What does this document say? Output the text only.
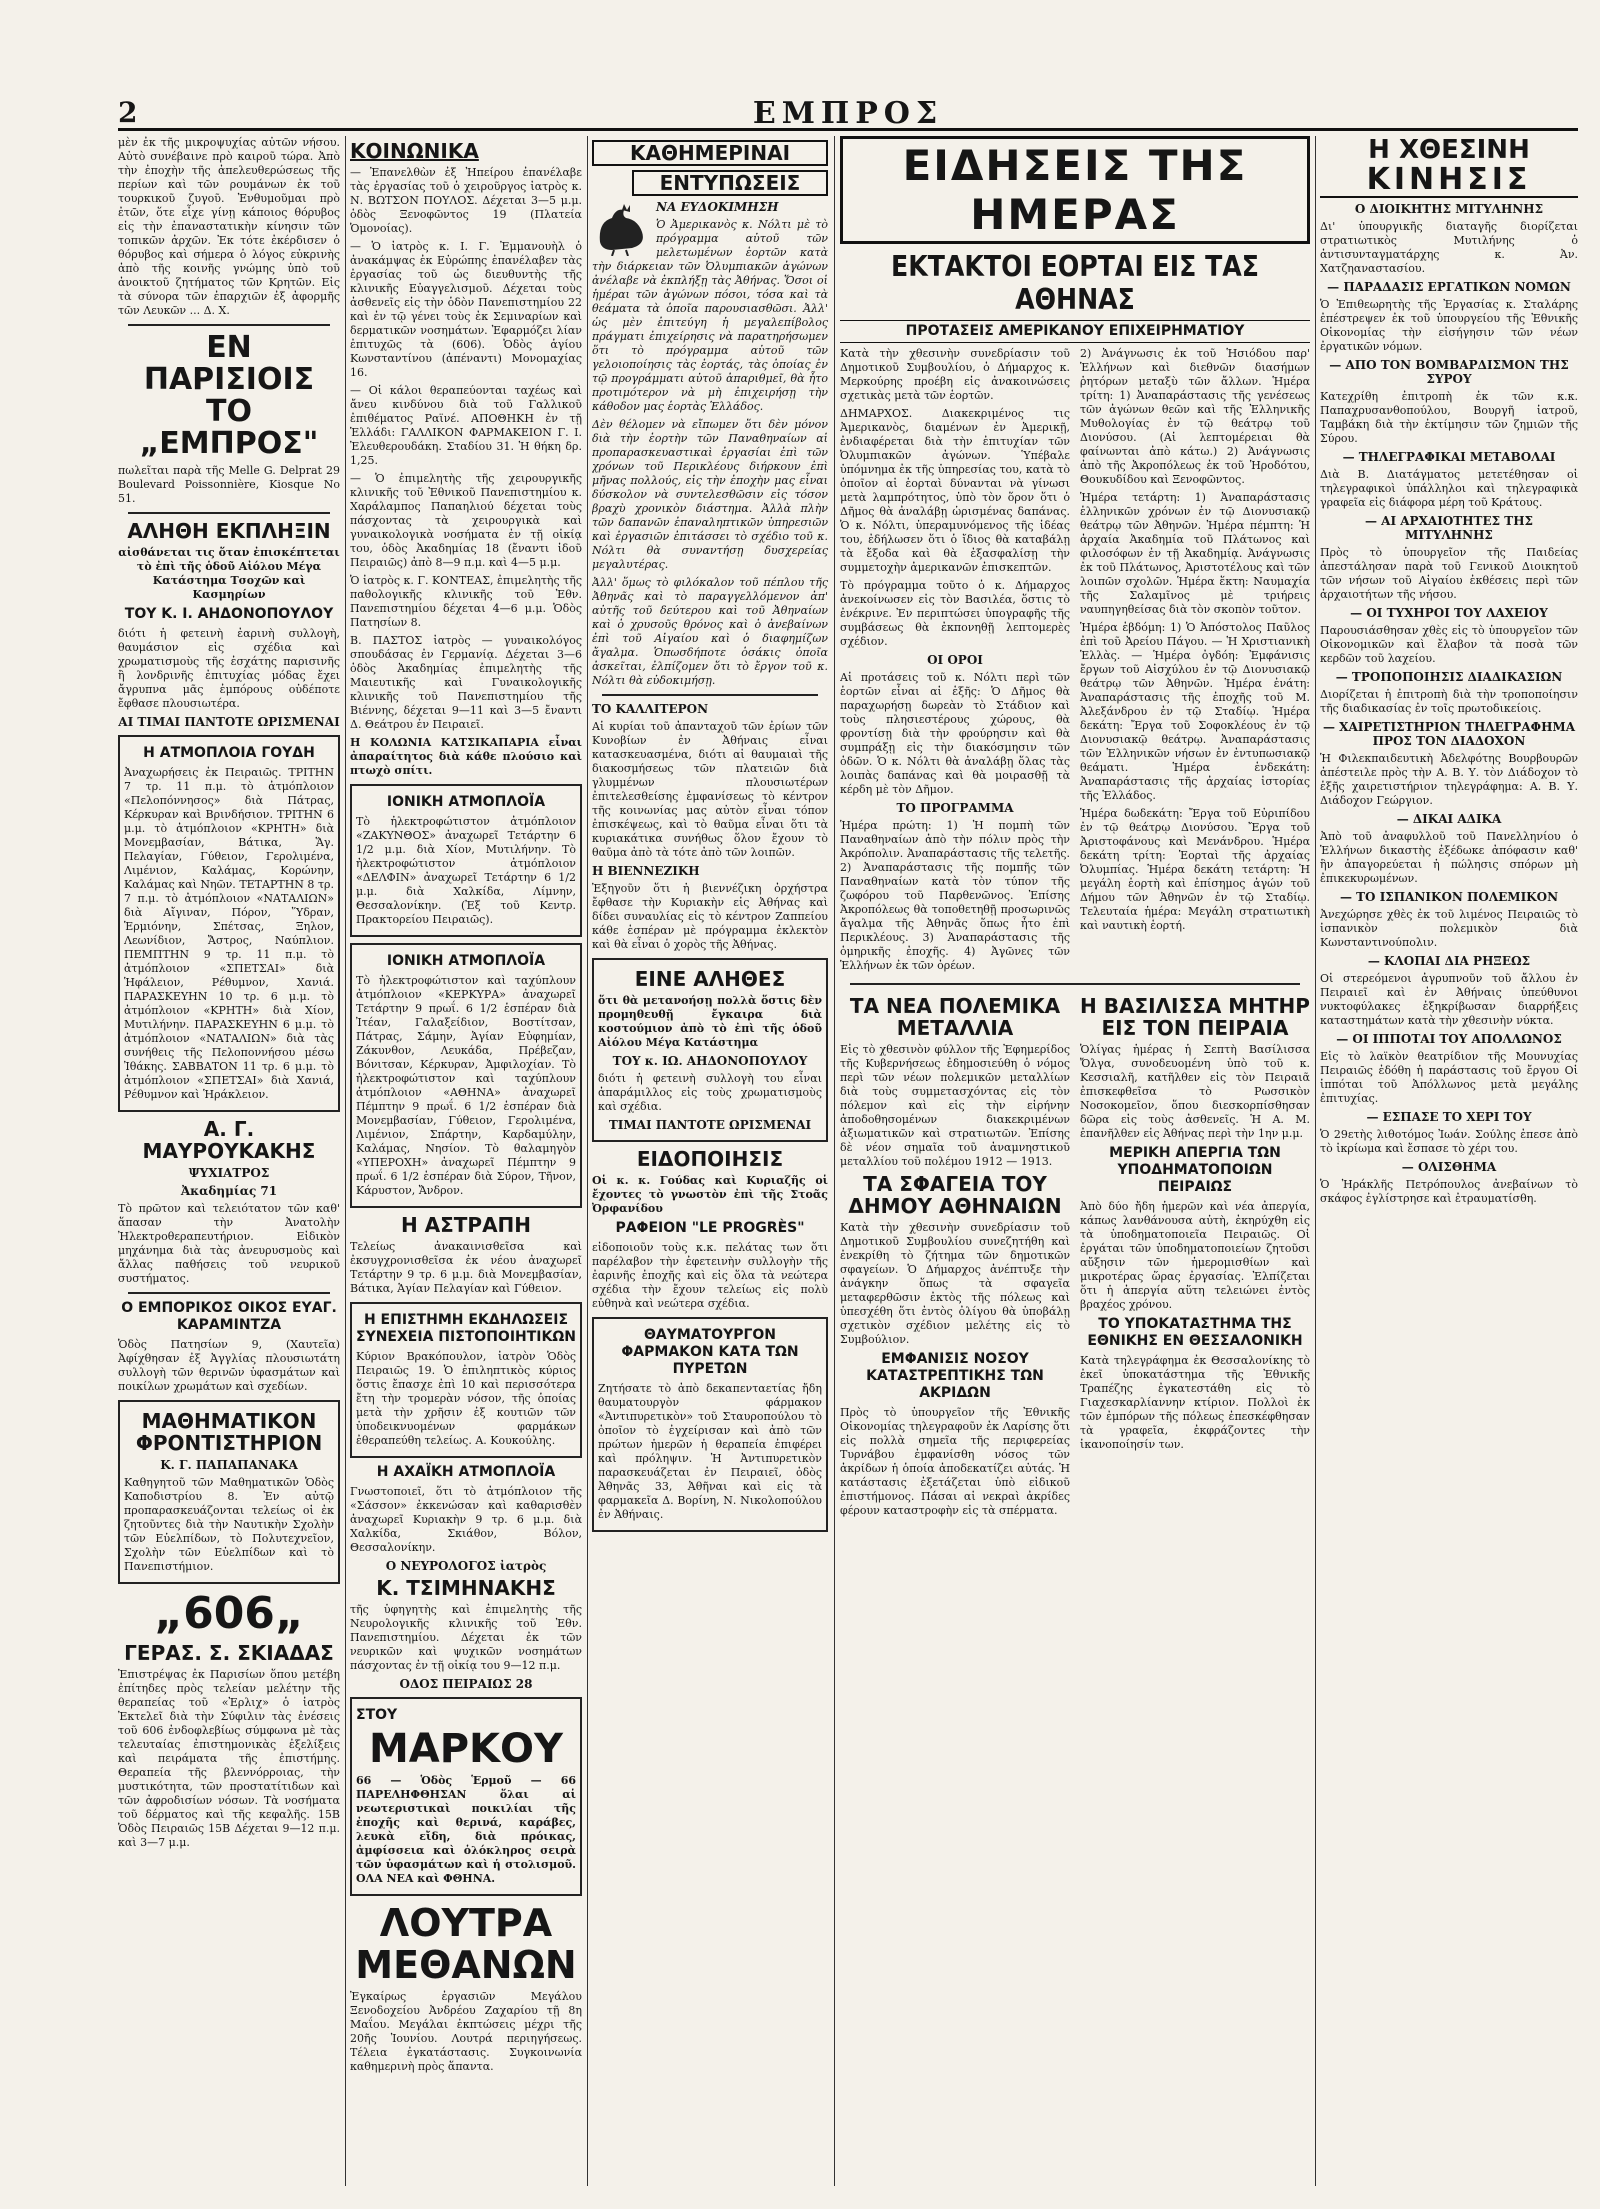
2	ΕΜΠΡΟΣ

μὲν ἐκ τῆς μικροψυχίας αὐτῶν νήσου. Αὐτὸ συνέβαινε πρὸ καιροῦ τώρα. Ἀπὸ τὴν ἐποχὴν τῆς ἀπελευθερώσεως τῆς περίων καὶ τῶν ρουμάνων ἐκ τοῦ τουρκικοῦ ζυγοῦ. Ἐνθυμοῦμαι πρὸ ἐτῶν, ὅτε εἶχε γίνῃ κάποιος θόρυβος εἰς τὴν ἐπαναστατικὴν κίνησιν τῶν τοπικῶν ἀρχῶν. Ἐκ τότε ἐκέρδισεν ὁ θόρυβος καὶ σήμερα ὁ λόγος εὐκρινὴς ἀπὸ τῆς κοινῆς γνώμης ὑπὸ τοῦ ἀνοικτοῦ ζητήματος τῶν Κρητῶν. Εἰς τὰ σύνορα τῶν ἐπαρχιῶν ἐξ ἀφορμῆς τῶν Λευκῶν ... Δ. Χ.

ΕΝ ΠΑΡΙΣΙΟΙΣ ΤΟ „ΕΜΠΡΟΣ"

πωλεῖται παρὰ τῆς Melle G. Delprat 29 Boulevard Poissonnière, Kiosque No 51.

ΑΛΗΘΗ ΕΚΠΛΗΞΙΝ

αἰσθάνεται τις ὅταν ἐπισκέπτεται τὸ ἐπὶ τῆς ὁδοῦ Αἰόλου Μέγα Κατάστημα Τσοχῶν καὶ Κασμηρίων

ΤΟΥ Κ. Ι. ΑΗΔΟΝΟΠΟΥΛΟΥ

διότι ἡ φετεινὴ ἐαρινὴ συλλογὴ, θαυμάσιον εἰς σχέδια καὶ χρωματισμοὺς τῆς ἐσχάτης παρισινῆς ἢ λονδρινῆς ἐπιτυχίας μόδας ἔχει ἄγρυπνα μᾶς ἐμπόρους οὐδέποτε ἔφθασε πλουσιωτέρα.

ΑΙ ΤΙΜΑΙ ΠΑΝΤΟΤΕ ΩΡΙΣΜΕΝΑΙ

Η ΑΤΜΟΠΛΟΙΑ ΓΟΥΔΗ

Ἀναχωρήσεις ἐκ Πειραιῶς. ΤΡΙΤΗΝ 7 τρ. 11 π.μ. τὸ ἀτμόπλοιον «Πελοπόννησος» διὰ Πάτρας, Κέρκυραν καὶ Βρινδήσιον. ΤΡΙΤΗΝ 6 μ.μ. τὸ ἀτμόπλοιον «ΚΡΗΤΗ» διὰ Μονεμβασίαν, Βάτικα, Ἅγ. Πελαγίαν, Γύθειον, Γερολιμένα, Λιμένιον, Καλάμας, Κορώνην, Καλάμας καὶ Νηῶν. ΤΕΤΑΡΤΗΝ 8 τρ. 7 π.μ. τὸ ἀτμόπλοιον «ΝΑΤΑΛΙΩΝ» διὰ Αἴγιναν, Πόρον, Ὕδραν, Ἑρμιόνην, Σπέτσας, Ξηλον, Λεωνίδιον, Ἄστρος, Ναύπλιον. ΠΕΜΠΤΗΝ 9 τρ. 11 π.μ. τὸ ἀτμόπλοιον «ΣΠΕΤΣΑΙ» διὰ Ἡφάλειον, Ρέθυμνον, Χανιά. ΠΑΡΑΣΚΕΥΗΝ 10 τρ. 6 μ.μ. τὸ ἀτμόπλοιον «ΚΡΗΤΗ» διὰ Χίον, Μυτιλήνην. ΠΑΡΑΣΚΕΥΗΝ 6 μ.μ. τὸ ἀτμόπλοιον «ΝΑΤΑΛΙΩΝ» διὰ τὰς συνήθεις τῆς Πελοποννήσου μέσω Ἰθάκης. ΣΑΒΒΑΤΟΝ 11 τρ. 6 μ.μ. τὸ ἀτμόπλοιον «ΣΠΕΤΣΑΙ» διὰ Χανιά, Ρέθυμνον καὶ Ἡράκλειον.

Α. Γ. ΜΑΥΡΟΥΚΑΚΗΣ

ΨΥΧΙΑΤΡΟΣ

Ἀκαδημίας 71

Τὸ πρῶτον καὶ τελειότατον τῶν καθ' ἅπασαν τὴν Ἀνατολὴν Ἠλεκτροθεραπευτήριον. Εἰδικὸν μηχάνημα διὰ τὰς ἀνευρυσμοὺς καὶ ἄλλας παθήσεις τοῦ νευρικοῦ συστήματος.

Ο ΕΜΠΟΡΙΚΟΣ ΟΙΚΟΣ ΕΥΑΓ. ΚΑΡΑΜΙΝΤΖΑ

Ὁδὸς Πατησίων 9, (Χαυτεῖα) Ἀφίχθησαν ἐξ Ἀγγλίας πλουσιωτάτη συλλογὴ τῶν θερινῶν ὑφασμάτων καὶ ποικίλων χρωμάτων καὶ σχεδίων.

ΜΑΘΗΜΑΤΙΚΟΝ ΦΡΟΝΤΙΣΤΗΡΙΟΝ

Κ. Γ. ΠΑΠΑΠΑΝΑΚΑ

Καθηγητοῦ τῶν Μαθηματικῶν Ὁδὸς Καποδιστρίου 8. Ἐν αὐτῷ προπαρασκευάζονται τελείως οἱ ἐκ ζητοῦντες διὰ τὴν Ναυτικὴν Σχολὴν τῶν Εὐελπίδων, τὸ Πολυτεχνεῖον, Σχολὴν τῶν Εὐελπίδων καὶ τὸ Πανεπιστήμιον.

„606„
ΓΕΡΑΣ. Σ. ΣΚΙΑΔΑΣ

Ἐπιστρέψας ἐκ Παρισίων ὅπου μετέβη ἐπίτηδες πρὸς τελείαν μελέτην τῆς θεραπείας τοῦ «Ἐρλιχ» ὁ ἰατρὸς Ἐκτελεῖ διὰ τὴν Σύφιλιν τὰς ἐνέσεις τοῦ 606 ἐνδοφλεβίως σύμφωνα μὲ τὰς τελευταίας ἐπιστημονικὰς ἐξελίξεις καὶ πειράματα τῆς ἐπιστήμης. Θεραπεία τῆς βλεννόρροιας, τὴν μυστικότητα, τῶν προστατίτιδων καὶ τῶν ἀφροδισίων νόσων. Τὰ νοσήματα τοῦ δέρματος καὶ τῆς κεφαλῆς. 15Β Ὁδὸς Πειραιῶς 15Β Δέχεται 9—12 π.μ. καὶ 3—7 μ.μ.

ΚΟΙΝΩΝΙΚΑ

— Ἐπανελθὼν ἐξ Ἠπείρου ἐπανέλαβε τὰς ἐργασίας τοῦ ὁ χειροῦργος ἰατρὸς κ. Ν. ΒΩΤΣΟΝ ΠΟΥΛΟΣ. Δέχεται 3—5 μ.μ. ὁδὸς Ξενοφῶντος 19 (Πλατεία Ὁμονοίας).

— Ὁ ἰατρὸς κ. Ι. Γ. Ἐμμανουὴλ ὁ ἀνακάμψας ἐκ Εὐρώπης ἐπανέλαβεν τὰς ἐργασίας τοῦ ὡς διευθυντὴς τῆς κλινικῆς Εὐαγγελισμοῦ. Δέχεται τοὺς ἀσθενεῖς εἰς τὴν ὁδὸν Πανεπιστημίου 22 καὶ ἐν τῷ γένει τοὺς ἐκ Σεμιναρίων καὶ δερματικῶν νοσημάτων. Ἐφαρμόζει λίαν ἐπιτυχῶς τὰ (606). Ὁδὸς ἁγίου Κωνσταντίνου (ἀπέναντι) Μονομαχίας 16.

— Οἱ κάλοι θεραπεύονται ταχέως καὶ ἄνευ κινδύνου διὰ τοῦ Γαλλικοῦ ἐπιθέματος Ραϊνέ. ΑΠΟΘΗΚΗ ἐν τῇ Ἑλλάδι: ΓΑΛΛΙΚΟΝ ΦΑΡΜΑΚΕΙΟΝ Γ. Ι. Ἐλευθερουδάκη. Σταδίου 31. Ἡ θήκη δρ. 1,25.

— Ὁ ἐπιμελητὴς τῆς χειρουργικῆς κλινικῆς τοῦ Ἐθνικοῦ Πανεπιστημίου κ. Χαράλαμπος Παπαηλιού δέχεται τοὺς πάσχοντας τὰ χειρουργικὰ καὶ γυναικολογικὰ νοσήματα ἐν τῇ οἰκίᾳ του, ὁδὸς Ἀκαδημίας 18 (ἔναντι ἰδοῦ Πειραιῶς) ἀπὸ 8—9 π.μ. καὶ 4—5 μ.μ.

Ὁ ἰατρὸς κ. Γ. ΚΟΝΤΕΑΣ, ἐπιμελητὴς τῆς παθολογικῆς κλινικῆς τοῦ Ἐθν. Πανεπιστημίου δέχεται 4—6 μ.μ. Ὁδὸς Πατησίων 8.

Β. ΠΑΣΤΟΣ ἰατρὸς — γυναικολόγος σπουδάσας ἐν Γερμανίᾳ. Δέχεται 3—6 ὁδὸς Ἀκαδημίας ἐπιμελητὴς τῆς Μαιευτικῆς καὶ Γυναικολογικῆς κλινικῆς τοῦ Πανεπιστημίου τῆς Βιέννης, δέχεται 9—11 καὶ 3—5 ἔναντι Δ. Θεάτρου ἐν Πειραιεῖ.

Η ΚΟΛΩΝΙΑ ΚΑΤΣΙΚΑΠΑΡΙΑ εἶναι ἀπαραίτητος διὰ κάθε πλούσιο καὶ πτωχὸ σπίτι.

ΙΟΝΙΚΗ ΑΤΜΟΠΛΟΪΑ

Τὸ ἠλεκτροφώτιστον ἀτμόπλοιον «ΖΑΚΥΝΘΟΣ» ἀναχωρεῖ Τετάρτην 6 1/2 μ.μ. διὰ Χίον, Μυτιλήνην. Τὸ ἠλεκτροφώτιστον ἀτμόπλοιον «ΔΕΛΦΙΝ» ἀναχωρεῖ Τετάρτην 6 1/2 μ.μ. διὰ Χαλκίδα, Λίμνην, Θεσσαλονίκην. (Ἐξ τοῦ Κεντρ. Πρακτορείου Πειραιῶς).

ΙΟΝΙΚΗ ΑΤΜΟΠΛΟΪΑ

Τὸ ἠλεκτροφώτιστον καὶ ταχύπλουν ἀτμόπλοιον «ΚΕΡΚΥΡΑ» ἀναχωρεῖ Τετάρτην 9 πρωΐ. 6 1/2 ἑσπέραν διὰ Ἰτέαν, Γαλαξείδιον, Βοστίτσαν, Πάτρας, Σάμην, Ἀγίαν Εὐφημίαν, Ζάκυνθον, Λευκάδα, Πρέβεζαν, Βόνιτσαν, Κέρκυραν, Ἀμφιλοχίαν. Τὸ ἠλεκτροφώτιστον καὶ ταχύπλουν ἀτμόπλοιον «ΑΘΗΝΑ» ἀναχωρεῖ Πέμπτην 9 πρωΐ. 6 1/2 ἑσπέραν διὰ Μονεμβασίαν, Γύθειον, Γερολιμένα, Λιμένιον, Σπάρτην, Καρδαμύλην, Καλάμας, Νησίον. Τὸ θαλαμηγὸν «ΥΠΕΡΟΧΗ» ἀναχωρεῖ Πέμπτην 9 πρωΐ. 6 1/2 ἑσπέραν διὰ Σύρον, Τῆνον, Κάρυστον, Ἄνδρον.

Η ΑΣΤΡΑΠΗ

Τελείως ἀνακαινισθεῖσα καὶ ἐκσυγχρονισθεῖσα ἐκ νέου ἀναχωρεῖ Τετάρτην 9 τρ. 6 μ.μ. διὰ Μονεμβασίαν, Βάτικα, Ἁγίαν Πελαγίαν καὶ Γύθειον.

Η ΕΠΙΣΤΗΜΗ ΕΚΔΗΛΩΣΕΙΣ ΣΥΝΕΧΕΙΑ ΠΙΣΤΟΠΟΙΗΤΙΚΩΝ

Κύριον Βρακόπουλον, ἰατρὸν Ὁδὸς Πειραιῶς 19. Ὁ ἐπιληπτικὸς κύριος ὅστις ἔπασχε ἐπὶ 10 καὶ περισσότερα ἔτη τὴν τρομερὰν νόσον, τῆς ὁποίας μετὰ τὴν χρῆσιν ἐξ κουτιῶν τῶν ὑποδεικνυομένων φαρμάκων ἐθεραπεύθη τελείως. Α. Κουκούλης.

Η ΑΧΑΪΚΗ ΑΤΜΟΠΛΟΪΑ

Γνωστοποιεῖ, ὅτι τὸ ἀτμόπλοιον τῆς «Σάσσον» ἐκκενώσαν καὶ καθαρισθὲν ἀναχωρεῖ Κυριακὴν 9 τρ. 6 μ.μ. διὰ Χαλκίδα, Σκιάθον, Βόλον, Θεσσαλονίκην.

Ο ΝΕΥΡΟΛΟΓΟΣ ἰατρὸς

Κ. ΤΣΙΜΗΝΑΚΗΣ

τῆς ὑφηγητὴς καὶ ἐπιμελητὴς τῆς Νευρολογικῆς κλινικῆς τοῦ Ἐθν. Πανεπιστημίου. Δέχεται ἐκ τῶν νευρικῶν καὶ ψυχικῶν νοσημάτων πάσχοντας ἐν τῇ οἰκίᾳ του 9—12 π.μ.

ΟΔΟΣ ΠΕΙΡΑΙΩΣ 28

ΣΤΟΥ
ΜΑΡΚΟΥ

66 — Ὁδὸς Ἑρμοῦ — 66 ΠΑΡΕΛΗΦΘΗΣΑΝ ὅλαι αἱ νεωτεριστικαὶ ποικιλίαι τῆς ἐποχῆς καὶ θερινά, καράβες, λευκὰ εἴδη, διὰ πρόικας, ἀμφίσσεια καὶ ὁλόκληρος σειρὰ τῶν ὑφασμάτων καὶ ἡ στολισμοῦ. ΟΛΑ ΝΕΑ καὶ ΦΘΗΝΑ.

ΛΟΥΤΡΑ ΜΕΘΑΝΩΝ

Ἐγκαίρως ἐργασιῶν Μεγάλου Ξενοδοχείου Ἀνδρέου Ζαχαρίου τῇ 8η Μαΐου. Μεγάλαι ἐκπτώσεις μέχρι τῆς 20ῆς Ἰουνίου. Λουτρά περιηγήσεως. Τέλεια ἐγκατάστασις. Συγκοινωνία καθημερινὴ πρὸς ἅπαντα.

ΚΑΘΗΜΕΡΙΝΑΙ
ΕΝΤΥΠΩΣΕΙΣ

ΝΑ ΕΥΔΟΚΙΜΗΣΗ

Ὁ Ἀμερικανὸς κ. Νόλτι μὲ τὸ πρόγραμμα αὐτοῦ τῶν μελετωμένων ἑορτῶν κατὰ τὴν διάρκειαν τῶν Ὀλυμπιακῶν ἀγώνων ἀνέλαβε νὰ ἐκπλήξῃ τὰς Ἀθήνας. Ὅσοι οἱ ἡμέραι τῶν ἀγώνων πόσοι, τόσα καὶ τὰ θεάματα τὰ ὁποῖα παρουσιασθῶσι. Ἀλλ' ὡς μὲν ἐπιτεύγη ἡ μεγαλεπίβολος πράγματι ἐπιχείρησις νὰ παρατηρήσωμεν ὅτι τὸ πρόγραμμα αὐτοῦ τῶν γελοιοποίησις τὰς ἑορτάς, τὰς ὁποίας ἐν τῷ προγράμματι αὐτοῦ ἀπαριθμεῖ, θὰ ἦτο προτιμότερον νὰ μὴ ἐπιχειρήσῃ τὴν κάθοδον μας ἑορτὰς Ἑλλάδος.

Δὲν θέλομεν νὰ εἴπωμεν ὅτι δὲν μόνον διὰ τὴν ἑορτὴν τῶν Παναθηναίων αἱ προπαρασκευαστικαὶ ἐργασίαι ἐπὶ τῶν χρόνων τοῦ Περικλέους διήρκουν ἐπὶ μῆνας πολλούς, εἰς τὴν ἐποχὴν μας εἶναι δύσκολον νὰ συντελεσθῶσιν εἰς τόσον βραχὺ χρονικὸν διάστημα. Ἀλλὰ πλὴν τῶν δαπανῶν ἐπαναληπτικῶν ὑπηρεσιῶν καὶ ἐργασιῶν ἐπιτάσσει τὸ σχέδιο τοῦ κ. Νόλτι θὰ συναντήσῃ δυσχερείας μεγαλυτέρας.

Ἀλλ' ὅμως τὸ φιλόκαλον τοῦ πέπλου τῆς Ἀθηνᾶς καὶ τὸ παραγγελλόμενον ἀπ' αὐτῆς τοῦ δεύτερου καὶ τοῦ Ἀθηναίων καὶ ὁ χρυσοῦς θρόνος καὶ ὁ ἀνεβαίνων ἐπὶ τοῦ Αἰγαίου καὶ ὁ διαφημίζων ἄγαλμα. Ὁπωσδήποτε ὁσάκις ὁποῖα ἀσκεῖται, ἐλπίζομεν ὅτι τὸ ἔργον τοῦ κ. Νόλτι θὰ εὐδοκιμήσῃ.

ΤΟ ΚΑΛΛΙΤΕΡΟΝ

Αἱ κυρίαι τοῦ ἀπανταχοῦ τῶν ἐρίων τῶν Κυνοβίων ἐν Ἀθήναις εἶναι κατασκευασμένα, διότι αἱ θαυμαιαὶ τῆς διακοσμήσεως τῶν πλατειῶν διὰ γλυμμένων πλουσιωτέρων ἐπιτελεσθείσης ἐμφανίσεως τὸ κέντρον τῆς κοινωνίας μας αὐτὸν εἶναι τόπον ἐπισκέψεως, καὶ τὸ θαῦμα εἶναι ὅτι τὰ κυριακάτικα συνήθως ὅλον ἔχουν τὸ θαῦμα ἀπὸ τὰ τότε ἀπὸ τῶν λοιπῶν.

Η ΒΙΕΝΝΕΖΙΚΗ

Ἐξηγοῦν ὅτι ἡ βιεννέζικη ὀρχήστρα ἔφθασε τὴν Κυριακὴν εἰς Ἀθήνας καὶ δίδει συναυλίας εἰς τὸ κέντρον Ζαππείου κάθε ἑσπέραν μὲ πρόγραμμα ἐκλεκτὸν καὶ θὰ εἶναι ὁ χορὸς τῆς Ἀθήνας.

ΕΙΝΕ ΑΛΗΘΕΣ

ὅτι θὰ μετανοήσῃ πολλὰ ὅστις δὲν προμηθευθῇ ἔγκαιρα διὰ κοστούμιον ἀπὸ τὸ ἐπὶ τῆς ὁδοῦ Αἰόλου Μέγα Κατάστημα

ΤΟΥ κ. ΙΩ. ΑΗΔΟΝΟΠΟΥΛΟΥ

διότι ἡ φετεινὴ συλλογὴ του εἶναι ἀπαράμιλλος εἰς τοὺς χρωματισμοὺς καὶ σχέδια.

ΤΙΜΑΙ ΠΑΝΤΟΤΕ ΩΡΙΣΜΕΝΑΙ

ΕΙΔΟΠΟΙΗΣΙΣ

Οἱ κ. κ. Γούδας καὶ Κυριαζῆς οἱ ἔχοντες τὸ γνωστὸν ἐπὶ τῆς Στοᾶς Ὀρφανίδου

ΡΑΦΕΙΟΝ "LE PROGRÈS"

εἰδοποιοῦν τοὺς κ.κ. πελάτας των ὅτι παρέλαβον τὴν ἐφετεινὴν συλλογὴν τῆς ἐαρινῆς ἐποχῆς καὶ εἰς ὅλα τὰ νεώτερα σχέδια τὴν ἔχουν τελείως εἰς πολὺ εὐθηνὰ καὶ νεώτερα σχέδια.

ΘΑΥΜΑΤΟΥΡΓΟΝ ΦΑΡΜΑΚΟΝ ΚΑΤΑ ΤΩΝ ΠΥΡΕΤΩΝ

Ζητήσατε τὸ ἀπὸ δεκαπενταετίας ἤδη θαυματουργὸν φάρμακον «Ἀντιπυρετικὸν» τοῦ Σταυροπούλου τὸ ὁποῖον τὸ ἐγχείρισαν καὶ ἀπὸ τῶν πρώτων ἡμερῶν ἡ θεραπεία ἐπιφέρει καὶ πρόληψιν. Ἡ Ἀντιπυρετικὸν παρασκευάζεται ἐν Πειραιεῖ, ὁδὸς Ἀθηνᾶς 33, Ἀθῆναι καὶ εἰς τὰ φαρμακεῖα Δ. Βορίνη, Ν. Νικολοπούλου ἐν Ἀθήναις.

ΕΙΔΗΣΕΙΣ ΤΗΣ ΗΜΕΡΑΣ
ΕΚΤΑΚΤΟΙ ΕΟΡΤΑΙ ΕΙΣ ΤΑΣ ΑΘΗΝΑΣ
ΠΡΟΤΑΣΕΙΣ ΑΜΕΡΙΚΑΝΟΥ ΕΠΙΧΕΙΡΗΜΑΤΙΟΥ

Κατὰ τὴν χθεσινὴν συνεδρίασιν τοῦ Δημοτικοῦ Συμβουλίου, ὁ Δήμαρχος κ. Μερκούρης προέβη εἰς ἀνακοινώσεις σχετικὰς μετὰ τῶν ἑορτῶν.

ΔΗΜΑΡΧΟΣ. Διακεκριμένος τις Ἀμερικανὸς, διαμένων ἐν Ἀμερικῇ, ἐνδιαφέρεται διὰ τὴν ἐπιτυχίαν τῶν Ὀλυμπιακῶν ἀγώνων. Ὑπέβαλε ὑπόμνημα ἐκ τῆς ὑπηρεσίας του, κατὰ τὸ ὁποῖον αἱ ἑορταὶ δύνανται νὰ γίνωσι μετὰ λαμπρότητος, ὑπὸ τὸν ὅρον ὅτι ὁ Δῆμος θὰ ἀναλάβῃ ὡρισμένας δαπάνας. Ὁ κ. Νόλτι, ὑπεραμυνόμενος τῆς ἰδέας του, ἐδήλωσεν ὅτι ὁ ἴδιος θὰ καταβάλῃ τὰ ἔξοδα καὶ θὰ ἐξασφαλίσῃ τὴν συμμετοχὴν ἀμερικανῶν ἐπισκεπτῶν.

Τὸ πρόγραμμα τοῦτο ὁ κ. Δήμαρχος ἀνεκοίνωσεν εἰς τὸν Βασιλέα, ὅστις τὸ ἐνέκρινε. Ἐν περιπτώσει ὑπογραφῆς τῆς συμβάσεως θὰ ἐκπονηθῇ λεπτομερὲς σχέδιον.

ΟΙ ΟΡΟΙ

Αἱ προτάσεις τοῦ κ. Νόλτι περὶ τῶν ἑορτῶν εἶναι αἱ ἑξῆς: Ὁ Δῆμος θὰ παραχωρήσῃ δωρεὰν τὸ Στάδιον καὶ τοὺς πλησιεστέρους χώρους, θὰ φροντίσῃ διὰ τὴν φρούρησιν καὶ θὰ συμπράξῃ εἰς τὴν διακόσμησιν τῶν ὁδῶν. Ὁ κ. Νόλτι θὰ ἀναλάβῃ ὅλας τὰς λοιπὰς δαπάνας καὶ θὰ μοιρασθῇ τὰ κέρδη μὲ τὸν Δῆμον.

ΤΟ ΠΡΟΓΡΑΜΜΑ

Ἡμέρα πρώτη: 1) Ἡ πομπὴ τῶν Παναθηναίων ἀπὸ τὴν πόλιν πρὸς τὴν Ἀκρόπολιν. Ἀναπαράστασις τῆς τελετῆς. 2) Ἀναπαράστασις τῆς πομπῆς τῶν Παναθηναίων κατὰ τὸν τύπον τῆς ζωφόρου τοῦ Παρθενῶνος. Ἐπίσης Ἀκροπόλεως θὰ τοποθετηθῇ προσωρινῶς ἄγαλμα τῆς Ἀθηνᾶς ὅπως ἦτο ἐπὶ Περικλέους. 3) Ἀναπαράστασις τῆς ὁμηρικῆς ἐποχῆς. 4) Ἀγῶνες τῶν Ἑλλήνων ἐκ τῶν ὀρέων.

2) Ἀνάγνωσις ἐκ τοῦ Ἡσιόδου παρ' Ἑλλήνων καὶ διεθνῶν διασήμων ῥητόρων μεταξὺ τῶν ἄλλων. Ἡμέρα τρίτη: 1) Ἀναπαράστασις τῆς γενέσεως τῶν ἀγώνων θεῶν καὶ τῆς Ἑλληνικῆς Μυθολογίας ἐν τῷ θεάτρῳ τοῦ Διονύσου. (Αἱ λεπτομέρειαι θὰ φαίνωνται ἀπὸ κάτω.) 2) Ἀνάγνωσις ἀπὸ τῆς Ἀκροπόλεως ἐκ τοῦ Ἡροδότου, Θουκυδίδου καὶ Ξενοφῶντος.

Ἡμέρα τετάρτη: 1) Ἀναπαράστασις ἑλληνικῶν χρόνων ἐν τῷ Διονυσιακῷ θεάτρῳ τῶν Ἀθηνῶν. Ἡμέρα πέμπτη: Ἡ ἀρχαία Ἀκαδημία τοῦ Πλάτωνος καὶ φιλοσόφων ἐν τῇ Ἀκαδημίᾳ. Ἀνάγνωσις ἐκ τοῦ Πλάτωνος, Ἀριστοτέλους καὶ τῶν λοιπῶν σχολῶν. Ἡμέρα ἕκτη: Ναυμαχία τῆς Σαλαμῖνος μὲ τριήρεις ναυπηγηθείσας διὰ τὸν σκοπὸν τοῦτον.

Ἡμέρα ἑβδόμη: 1) Ὁ Ἀπόστολος Παῦλος ἐπὶ τοῦ Ἀρείου Πάγου. — Ἡ Χριστιανικὴ Ἑλλὰς. — Ἡμέρα ὀγδόη: Ἐμφάνισις ἔργων τοῦ Αἰσχύλου ἐν τῷ Διονυσιακῷ θεάτρῳ τῶν Ἀθηνῶν. Ἡμέρα ἐνάτη: Ἀναπαράστασις τῆς ἐποχῆς τοῦ Μ. Ἀλεξάνδρου ἐν τῷ Σταδίῳ. Ἡμέρα δεκάτη: Ἔργα τοῦ Σοφοκλέους ἐν τῷ Διονυσιακῷ θεάτρῳ. Ἀναπαράστασις τῶν Ἑλληνικῶν νήσων ἐν ἐντυπωσιακῷ θεάματι. Ἡμέρα ἑνδεκάτη: Ἀναπαράστασις τῆς ἀρχαίας ἱστορίας τῆς Ἑλλάδος.

Ἡμέρα δωδεκάτη: Ἔργα τοῦ Εὐριπίδου ἐν τῷ θεάτρῳ Διονύσου. Ἔργα τοῦ Ἀριστοφάνους καὶ Μενάνδρου. Ἡμέρα δεκάτη τρίτη: Ἑορταὶ τῆς ἀρχαίας Ὀλυμπίας. Ἡμέρα δεκάτη τετάρτη: Ἡ μεγάλη ἑορτὴ καὶ ἐπίσημος ἀγών τοῦ Δήμου τῶν Ἀθηνῶν ἐν τῷ Σταδίῳ. Τελευταία ἡμέρα: Μεγάλη στρατιωτικὴ καὶ ναυτικὴ ἑορτή.

ΤΑ ΝΕΑ ΠΟΛΕΜΙΚΑ ΜΕΤΑΛΛΙΑ

Εἰς τὸ χθεσινὸν φύλλον τῆς Ἐφημερίδος τῆς Κυβερνήσεως ἐδημοσιεύθη ὁ νόμος περὶ τῶν νέων πολεμικῶν μεταλλίων διὰ τοὺς συμμετασχόντας εἰς τὸν πόλεμον καὶ εἰς τὴν εἰρήνην ἀποδοθησομένων διακεκριμένων ἀξιωματικῶν καὶ στρατιωτῶν. Ἐπίσης δὲ νέον σημαῖα τοῦ ἀναμνηστικοῦ μεταλλίου τοῦ πολέμου 1912 — 1913.

ΤΑ ΣΦΑΓΕΙΑ ΤΟΥ ΔΗΜΟΥ ΑΘΗΝΑΙΩΝ

Κατὰ τὴν χθεσινὴν συνεδρίασιν τοῦ Δημοτικοῦ Συμβουλίου συνεζητήθη καὶ ἐνεκρίθη τὸ ζήτημα τῶν δημοτικῶν σφαγείων. Ὁ Δήμαρχος ἀνέπτυξε τὴν ἀνάγκην ὅπως τὰ σφαγεῖα μεταφερθῶσιν ἐκτὸς τῆς πόλεως καὶ ὑπεσχέθη ὅτι ἐντὸς ὀλίγου θὰ ὑποβάλῃ σχετικὸν σχέδιον μελέτης εἰς τὸ Συμβούλιον.

ΕΜΦΑΝΙΣΙΣ ΝΟΣΟΥ ΚΑΤΑΣΤΡΕΠΤΙΚΗΣ ΤΩΝ ΑΚΡΙΔΩΝ

Πρὸς τὸ ὑπουργεῖον τῆς Ἐθνικῆς Οἰκονομίας τηλεγραφοῦν ἐκ Λαρίσης ὅτι εἰς πολλὰ σημεῖα τῆς περιφερείας Τυρνάβου ἐμφανίσθη νόσος τῶν ἀκρίδων ἡ ὁποία ἀποδεκατίζει αὐτάς. Ἡ κατάστασις ἐξετάζεται ὑπὸ εἰδικοῦ ἐπιστήμονος. Πάσαι αἱ νεκραὶ ἀκρίδες φέρουν καταστροφὴν εἰς τὰ σπέρματα.

Η ΒΑΣΙΛΙΣΣΑ ΜΗΤΗΡ ΕΙΣ ΤΟΝ ΠΕΙΡΑΙΑ

Ὁλίγας ἡμέρας ἡ Σεπτὴ Βασίλισσα Ὄλγα, συνοδευομένη ὑπὸ τοῦ κ. Κεσσιαλῆ, κατῆλθεν εἰς τὸν Πειραιᾶ ἐπισκεφθεῖσα τὸ Ρωσσικὸν Νοσοκομεῖον, ὅπου διεσκορπίσθησαν δῶρα εἰς τοὺς ἀσθενεῖς. Ἡ Α. Μ. ἐπανῆλθεν εἰς Ἀθήνας περὶ τὴν 1ην μ.μ.

ΜΕΡΙΚΗ ΑΠΕΡΓΙΑ ΤΩΝ ΥΠΟΔΗΜΑΤΟΠΟΙΩΝ ΠΕΙΡΑΙΩΣ

Ἀπὸ δύο ἤδη ἡμερῶν καὶ νέα ἀπεργία, κάπως λανθάνουσα αὐτὴ, ἐκηρύχθη εἰς τὰ ὑποδηματοποιεῖα Πειραιῶς. Οἱ ἐργάται τῶν ὑποδηματοποιείων ζητοῦσι αὔξησιν τῶν ἡμερομισθίων καὶ μικροτέρας ὥρας ἐργασίας. Ἐλπίζεται ὅτι ἡ ἀπεργία αὕτη τελειώνει ἐντὸς βραχέος χρόνου.

ΤΟ ΥΠΟΚΑΤΑΣΤΗΜΑ ΤΗΣ ΕΘΝΙΚΗΣ ΕΝ ΘΕΣΣΑΛΟΝΙΚΗ

Κατὰ τηλεγράφημα ἐκ Θεσσαλονίκης τὸ ἐκεῖ ὑποκατάστημα τῆς Ἐθνικῆς Τραπέζης ἐγκατεστάθη εἰς τὸ Γιαχεσκαρλίαννην κτίριον. Πολλοὶ ἐκ τῶν ἐμπόρων τῆς πόλεως ἐπεσκέφθησαν τὰ γραφεῖα, ἐκφράζοντες τὴν ἱκανοποίησίν των.

Η ΧΘΕΣΙΝΗ
ΚΙΝΗΣΙΣ

Ο ΔΙΟΙΚΗΤΗΣ ΜΙΤΥΛΗΝΗΣ

Δι' ὑπουργικῆς διαταγῆς διορίζεται στρατιωτικὸς Μυτιλήνης ὁ ἀντισυνταγματάρχης κ. Ἀν. Χατζηαναστασίου.

— ΠΑΡΑΔΑΣΙΣ ΕΡΓΑΤΙΚΩΝ ΝΟΜΩΝ

Ὁ Ἐπιθεωρητὴς τῆς Ἐργασίας κ. Σταλάρης ἐπέστρεψεν ἐκ τοῦ ὑπουργείου τῆς Ἐθνικῆς Οἰκονομίας τὴν εἰσήγησιν τῶν νέων ἐργατικῶν νόμων.

— ΑΠΟ ΤΟΝ ΒΟΜΒΑΡΔΙΣΜΟΝ ΤΗΣ ΣΥΡΟΥ

Κατεχρίθη ἐπιτροπὴ ἐκ τῶν κ.κ. Παπαχρυσανθοπούλου, Βουργῆ ἰατροῦ, Ταμβάκη διὰ τὴν ἐκτίμησιν τῶν ζημιῶν τῆς Σύρου.

— ΤΗΛΕΓΡΑΦΙΚΑΙ ΜΕΤΑΒΟΛΑΙ

Διὰ Β. Διατάγματος μετετέθησαν οἱ τηλεγραφικοὶ ὑπάλληλοι καὶ τηλεγραφικὰ γραφεῖα εἰς διάφορα μέρη τοῦ Κράτους.

— ΑΙ ΑΡΧΑΙΟΤΗΤΕΣ ΤΗΣ ΜΙΤΥΛΗΝΗΣ

Πρὸς τὸ ὑπουργεῖον τῆς Παιδείας ἀπεστάλησαν παρὰ τοῦ Γενικοῦ Διοικητοῦ τῶν νήσων τοῦ Αἰγαίου ἐκθέσεις περὶ τῶν ἀρχαιοτήτων τῆς νήσου.

— ΟΙ ΤΥΧΗΡΟΙ ΤΟΥ ΛΑΧΕΙΟΥ

Παρουσιάσθησαν χθὲς εἰς τὸ ὑπουργεῖον τῶν Οἰκονομικῶν καὶ ἔλαβον τὰ ποσὰ τῶν κερδῶν τοῦ λαχείου.

— ΤΡΟΠΟΠΟΙΗΣΙΣ ΔΙΑΔΙΚΑΣΙΩΝ

Διορίζεται ἡ ἐπιτροπὴ διὰ τὴν τροποποίησιν τῆς διαδικασίας ἐν τοῖς πρωτοδικείοις.

— ΧΑΙΡΕΤΙΣΤΗΡΙΟΝ ΤΗΛΕΓΡΑΦΗΜΑ ΠΡΟΣ ΤΟΝ ΔΙΑΔΟΧΟΝ

Ἡ Φιλεκπαιδευτικὴ Ἀδελφότης Βουρβουρῶν ἀπέστειλε πρὸς τὴν Α. Β. Υ. τὸν Διάδοχον τὸ ἑξῆς χαιρετιστήριον τηλεγράφημα: Α. Β. Υ. Διάδοχον Γεώργιον.

— ΔΙΚΑΙ ΑΔΙΚΑ

Ἀπὸ τοῦ ἀναφυλλοῦ τοῦ Πανελληνίου ὁ Ἑλλήνων δικαστὴς ἐξέδωκε ἀπόφασιν καθ' ἣν ἀπαγορεύεται ἡ πώλησις σπόρων μὴ ἐπικεκυρωμένων.

— ΤΟ ΙΣΠΑΝΙΚΟΝ ΠΟΛΕΜΙΚΟΝ

Ἀνεχώρησε χθὲς ἐκ τοῦ λιμένος Πειραιῶς τὸ ἰσπανικὸν πολεμικὸν διὰ Κωνσταντινούπολιν.

— ΚΛΟΠΑΙ ΔΙΑ ΡΗΞΕΩΣ

Οἱ στερεόμενοι ἀγρυπνοῦν τοῦ ἄλλου ἐν Πειραιεῖ καὶ ἐν Ἀθήναις ὑπεύθυνοι νυκτοφύλακες ἐξηκρίβωσαν διαρρήξεις καταστημάτων κατὰ τὴν χθεσινὴν νύκτα.

— ΟΙ ΙΠΠΟΤΑΙ ΤΟΥ ΑΠΟΛΛΩΝΟΣ

Εἰς τὸ λαϊκὸν θεατρίδιον τῆς Μουνυχίας Πειραιῶς ἐδόθη ἡ παράστασις τοῦ ἔργου Οἱ ἱππόται τοῦ Ἀπόλλωνος μετὰ μεγάλης ἐπιτυχίας.

— ΕΣΠΑΣΕ ΤΟ ΧΕΡΙ ΤΟΥ

Ὁ 29ετὴς λιθοτόμος Ἰωάν. Σούλης ἐπεσε ἀπὸ τὸ ἰκρίωμα καὶ ἔσπασε τὸ χέρι του.

— ΟΛΙΣΘΗΜΑ

Ὁ Ἡράκλῆς Πετρόπουλος ἀνεβαίνων τὸ σκάφος ἐγλίστρησε καὶ ἐτραυματίσθη.
